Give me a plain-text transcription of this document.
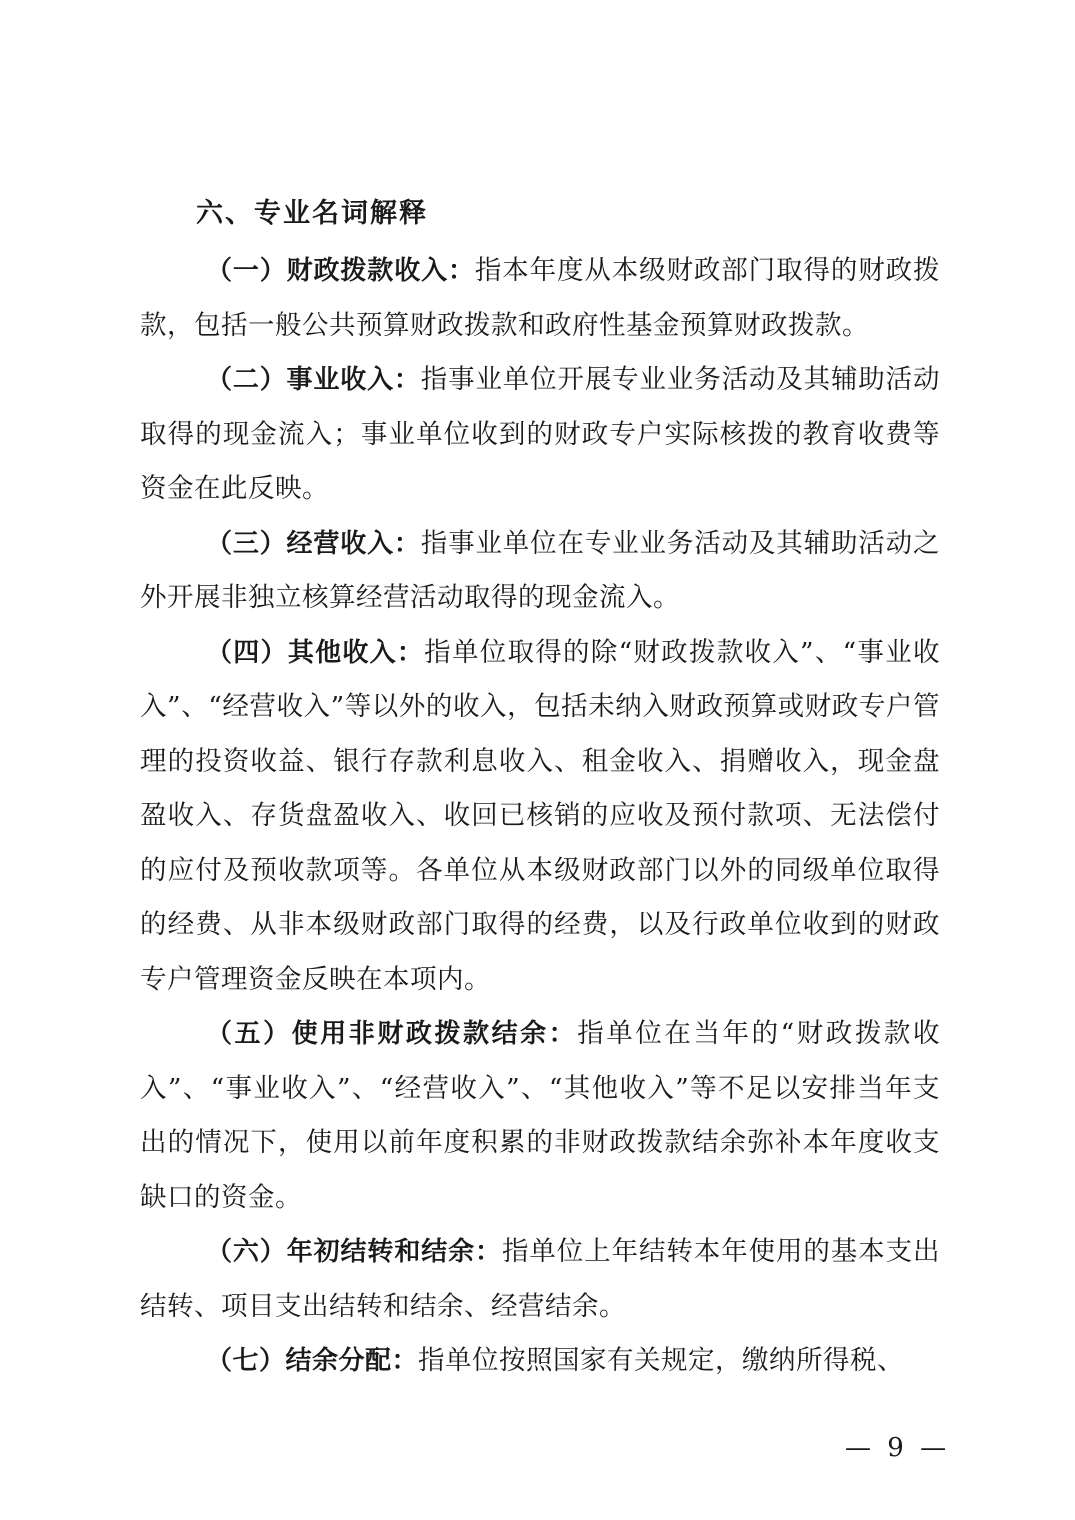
六、专业名词解释

（一）财政拨款收入：指本年度从本级财政部门取得的财政拨款，包括一般公共预算财政拨款和政府性基金预算财政拨款。

（二）事业收入：指事业单位开展专业业务活动及其辅助活动取得的现金流入；事业单位收到的财政专户实际核拨的教育收费等资金在此反映。

（三）经营收入：指事业单位在专业业务活动及其辅助活动之外开展非独立核算经营活动取得的现金流入。

（四）其他收入：指单位取得的除“财政拨款收入”、“事业收入”、“经营收入”等以外的收入，包括未纳入财政预算或财政专户管理的投资收益、银行存款利息收入、租金收入、捐赠收入，现金盘盈收入、存货盘盈收入、收回已核销的应收及预付款项、无法偿付的应付及预收款项等。各单位从本级财政部门以外的同级单位取得的经费、从非本级财政部门取得的经费，以及行政单位收到的财政专户管理资金反映在本项内。

（五）使用非财政拨款结余：指单位在当年的“财政拨款收入”、“事业收入”、“经营收入”、“其他收入”等不足以安排当年支出的情况下，使用以前年度积累的非财政拨款结余弥补本年度收支缺口的资金。

（六）年初结转和结余：指单位上年结转本年使用的基本支出结转、项目支出结转和结余、经营结余。

（七）结余分配：指单位按照国家有关规定，缴纳所得税、

— 9 —
